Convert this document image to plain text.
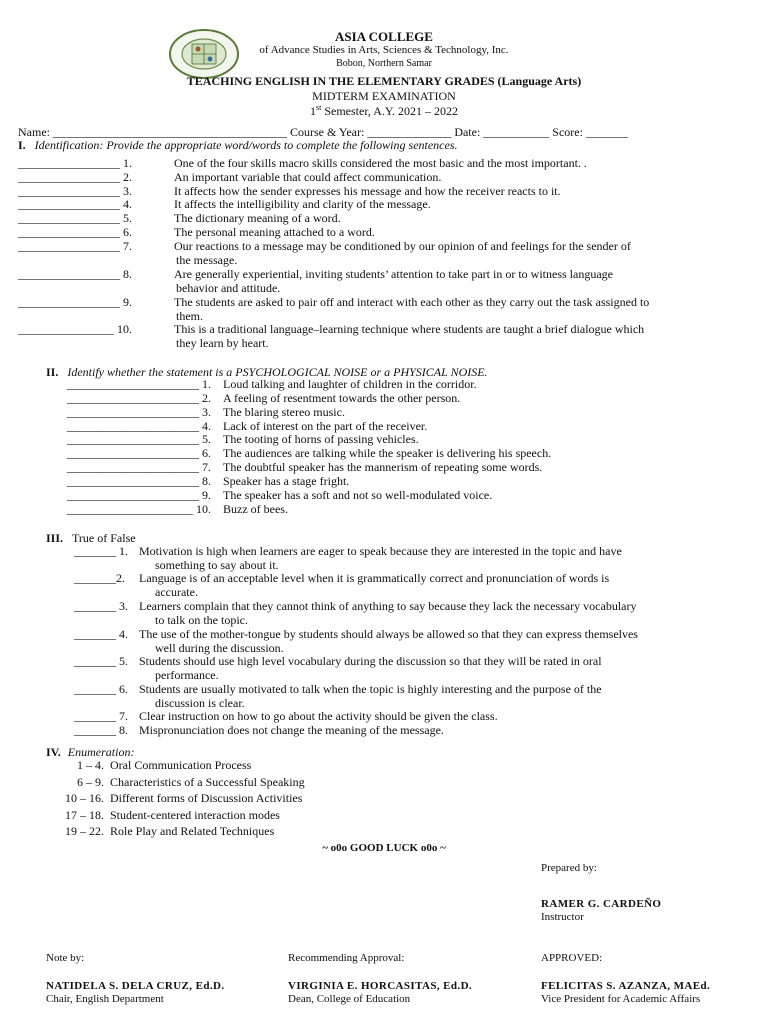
ASIA COLLEGE
of Advance Studies in Arts, Sciences & Technology, Inc.
Bobon, Northern Samar
TEACHING ENGLISH IN THE ELEMENTARY GRADES (Language Arts)
MIDTERM EXAMINATION
1st Semester, A.Y. 2021 – 2022
Name: _______________________________________ Course & Year: ______________ Date: ___________ Score: _______
I. Identification: Provide the appropriate word/words to complete the following sentences.
_________________ 1.	One of the four skills macro skills considered the most basic and the most important. .
_________________ 2.	An important variable that could affect communication.
_________________ 3.	It affects how the sender expresses his message and how the receiver reacts to it.
_________________ 4.	It affects the intelligibility and clarity of the message.
_________________ 5.	The dictionary meaning of a word.
_________________ 6.	The personal meaning attached to a word.
_________________ 7.	Our reactions to a message may be conditioned by our opinion of and feelings for the sender of
the message.
_________________ 8.	Are generally experiential, inviting students’ attention to take part in or to witness language
behavior and attitude.
_________________ 9.	The students are asked to pair off and interact with each other as they carry out the task assigned to
them.
________________ 10.	This is a traditional language–learning technique where students are taught a brief dialogue which
they learn by heart.
II. Identify whether the statement is a PSYCHOLOGICAL NOISE or a PHYSICAL NOISE.
______________________ 1. Loud talking and laughter of children in the corridor.
______________________ 2. A feeling of resentment towards the other person.
______________________ 3. The blaring stereo music.
______________________ 4. Lack of interest on the part of the receiver.
______________________ 5. The tooting of horns of passing vehicles.
______________________ 6. The audiences are talking while the speaker is delivering his speech.
______________________ 7. The doubtful speaker has the mannerism of repeating some words.
______________________ 8. Speaker has a stage fright.
______________________ 9. The speaker has a soft and not so well-modulated voice.
_____________________ 10. Buzz of bees.
III. True of False
_______ 1. Motivation is high when learners are eager to speak because they are interested in the topic and have
something to say about it.
_______2. Language is of an acceptable level when it is grammatically correct and pronunciation of words is
accurate.
_______ 3. Learners complain that they cannot think of anything to say because they lack the necessary vocabulary
to talk on the topic.
_______ 4. The use of the mother-tongue by students should always be allowed so that they can express themselves
well during the discussion.
_______ 5. Students should use high level vocabulary during the discussion so that they will be rated in oral
performance.
_______ 6. Students are usually motivated to talk when the topic is highly interesting and the purpose of the
discussion is clear.
_______ 7. Clear instruction on how to go about the activity should be given the class.
_______ 8. Mispronunciation does not change the meaning of the message.
IV. Enumeration:
1 – 4. Oral Communication Process
6 – 9. Characteristics of a Successful Speaking
10 – 16. Different forms of Discussion Activities
17 – 18. Student-centered interaction modes
19 – 22. Role Play and Related Techniques
~ o0o GOOD LUCK o0o ~
Prepared by:
RAMER G. CARDEÑO
Instructor
Note by:
NATIDELA S. DELA CRUZ, Ed.D.
Chair, English Department
Recommending Approval:
VIRGINIA E. HORCASITAS, Ed.D.
Dean, College of Education
APPROVED:
FELICITAS S. AZANZA, MAEd.
Vice President for Academic Affairs
